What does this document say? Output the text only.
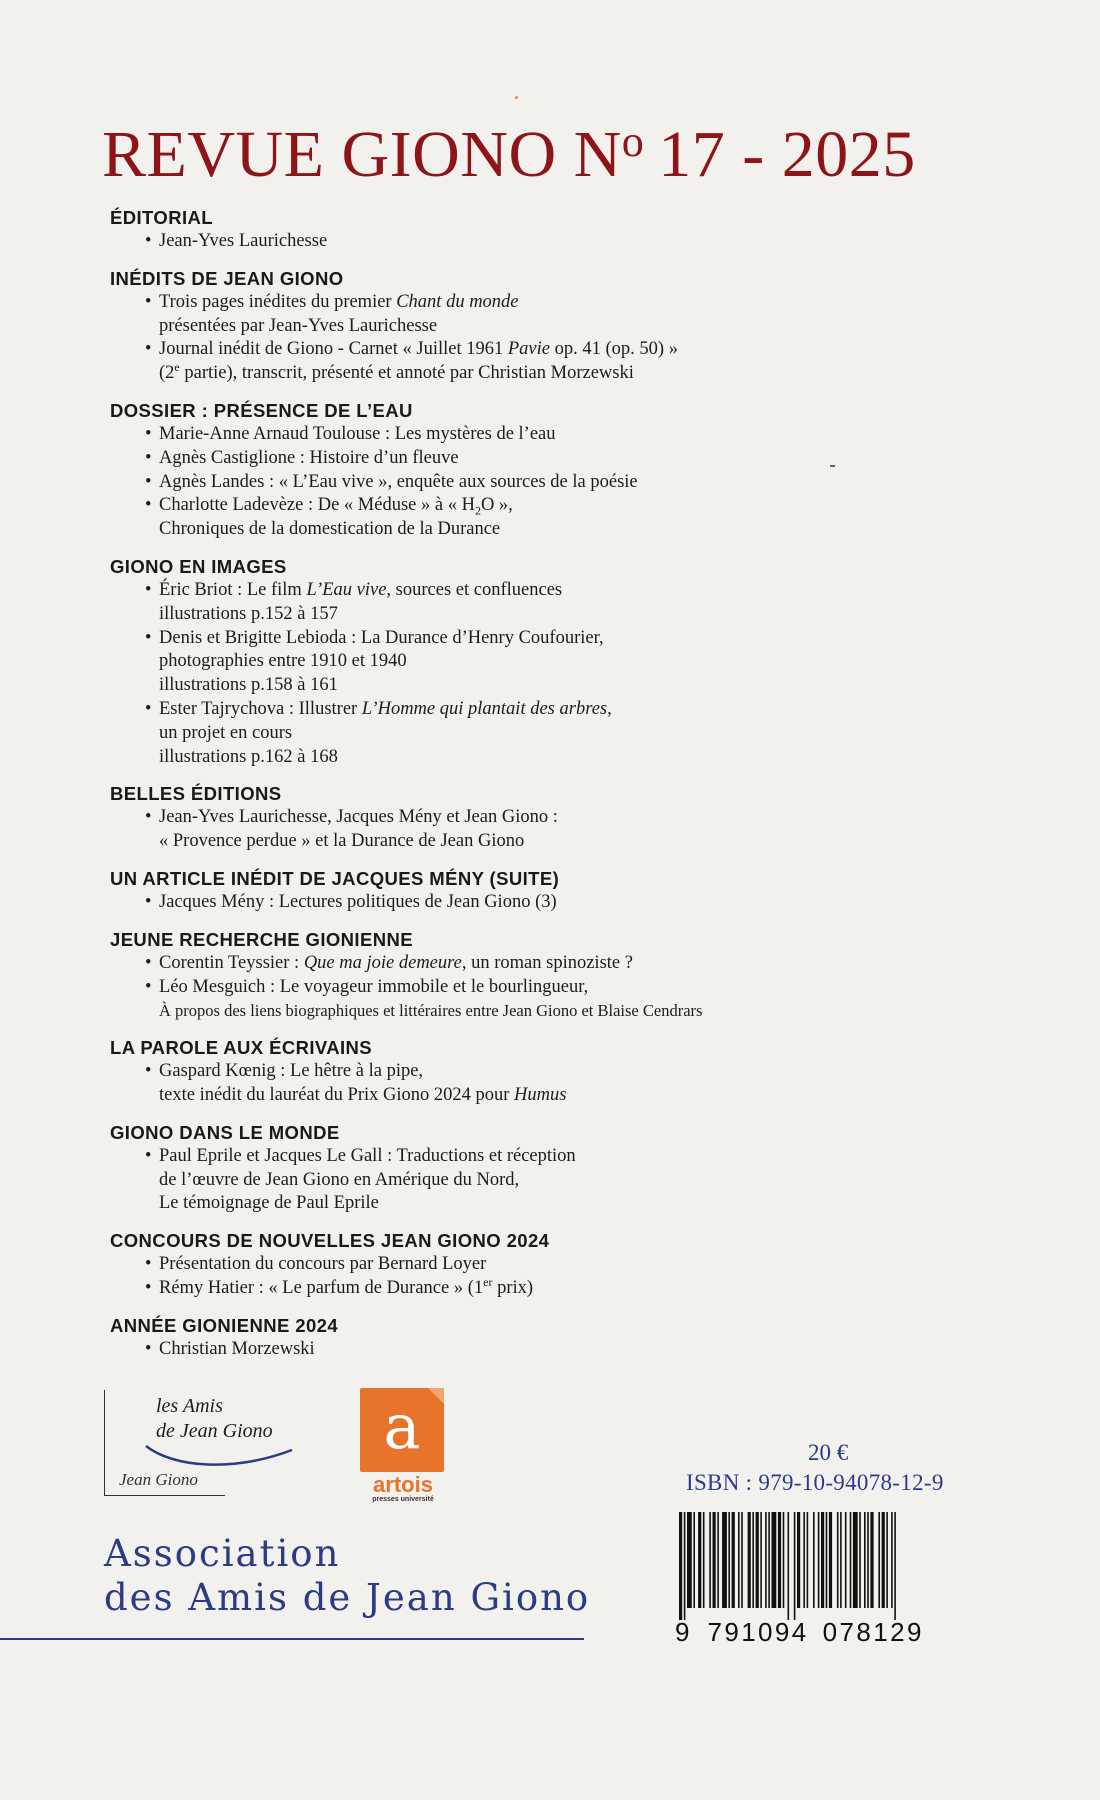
REVUE GIONO $N^o$ 17 - 2025
ÉDITORIAL
• Jean-Yves Laurichesse
INÉDITS DE JEAN GIONO
• Trois pages inédites du premier Chant du monde
présentées par Jean-Yves Laurichesse
• Journal inédit de Giono - Carnet « Juillet 1961 Pavie op. 41 (op. 50) »
(2e partie), transcrit, présenté et annoté par Christian Morzewski
DOSSIER : PRÉSENCE DE L’EAU
• Marie-Anne Arnaud Toulouse : Les mystères de l’eau
• Agnès Castiglione : Histoire d’un fleuve
• Agnès Landes : « L’Eau vive », enquête aux sources de la poésie
• Charlotte Ladevèze : De « Méduse » à « $H_2O$ »,
Chroniques de la domestication de la Durance
GIONO EN IMAGES
• Éric Briot : Le film L’Eau vive, sources et confluences
illustrations p.152 à 157
• Denis et Brigitte Lebioda : La Durance d’Henry Coufourier,
photographies entre 1910 et 1940
illustrations p.158 à 161
• Ester Tajrychova : Illustrer L’Homme qui plantait des arbres,
un projet en cours
illustrations p.162 à 168
BELLES ÉDITIONS
• Jean-Yves Laurichesse, Jacques Mény et Jean Giono :
« Provence perdue » et la Durance de Jean Giono
UN ARTICLE INÉDIT DE JACQUES MÉNY (SUITE)
• Jacques Mény : Lectures politiques de Jean Giono (3)
JEUNE RECHERCHE GIONIENNE
• Corentin Teyssier : Que ma joie demeure, un roman spinoziste ?
• Léo Mesguich : Le voyageur immobile et le bourlingueur,
À propos des liens biographiques et littéraires entre Jean Giono et Blaise Cendrars
LA PAROLE AUX ÉCRIVAINS
• Gaspard Kœnig : Le hêtre à la pipe,
texte inédit du lauréat du Prix Giono 2024 pour Humus
GIONO DANS LE MONDE
• Paul Eprile et Jacques Le Gall : Traductions et réception
de l’œuvre de Jean Giono en Amérique du Nord,
Le témoignage de Paul Eprile
CONCOURS DE NOUVELLES JEAN GIONO 2024
• Présentation du concours par Bernard Loyer
• Rémy Hatier : « Le parfum de Durance » (1er prix)
ANNÉE GIONIENNE 2024
• Christian Morzewski
les Amis
de Jean Giono
Jean Giono
a
artois
presses université
20 €
ISBN : 979-10-94078-12-9
9 791094 078129
Association
des Amis de Jean Giono
